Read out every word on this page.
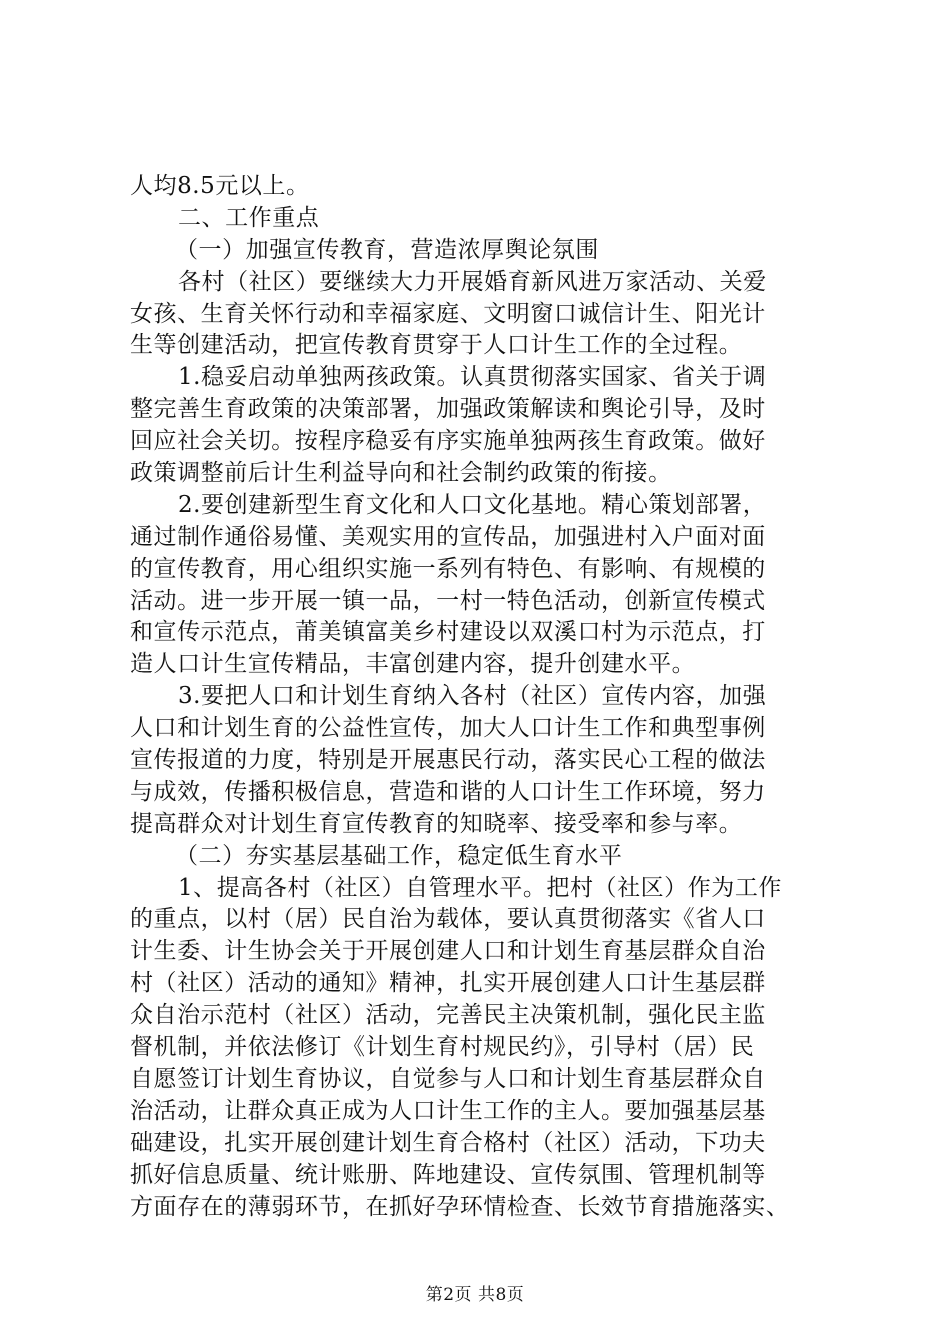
人均8.5元以上。
二、工作重点
（一）加强宣传教育，营造浓厚舆论氛围
各村（社区）要继续大力开展婚育新风进万家活动、关爱
女孩、生育关怀行动和幸福家庭、文明窗口诚信计生、阳光计
生等创建活动，把宣传教育贯穿于人口计生工作的全过程。
1.稳妥启动单独两孩政策。认真贯彻落实国家、省关于调
整完善生育政策的决策部署，加强政策解读和舆论引导，及时
回应社会关切。按程序稳妥有序实施单独两孩生育政策。做好
政策调整前后计生利益导向和社会制约政策的衔接。
2.要创建新型生育文化和人口文化基地。精心策划部署，
通过制作通俗易懂、美观实用的宣传品，加强进村入户面对面
的宣传教育，用心组织实施一系列有特色、有影响、有规模的
活动。进一步开展一镇一品，一村一特色活动，创新宣传模式
和宣传示范点，莆美镇富美乡村建设以双溪口村为示范点，打
造人口计生宣传精品，丰富创建内容，提升创建水平。
3.要把人口和计划生育纳入各村（社区）宣传内容，加强
人口和计划生育的公益性宣传，加大人口计生工作和典型事例
宣传报道的力度，特别是开展惠民行动，落实民心工程的做法
与成效，传播积极信息，营造和谐的人口计生工作环境，努力
提高群众对计划生育宣传教育的知晓率、接受率和参与率。
（二）夯实基层基础工作，稳定低生育水平
1、提高各村（社区）自管理水平。把村（社区）作为工作
的重点，以村（居）民自治为载体，要认真贯彻落实《省人口
计生委、计生协会关于开展创建人口和计划生育基层群众自治
村（社区）活动的通知》精神，扎实开展创建人口计生基层群
众自治示范村（社区）活动，完善民主决策机制，强化民主监
督机制，并依法修订《计划生育村规民约》，引导村（居）民
自愿签订计划生育协议，自觉参与人口和计划生育基层群众自
治活动，让群众真正成为人口计生工作的主人。要加强基层基
础建设，扎实开展创建计划生育合格村（社区）活动，下功夫
抓好信息质量、统计账册、阵地建设、宣传氛围、管理机制等
方面存在的薄弱环节，在抓好孕环情检查、长效节育措施落实、
第2页 共8页
